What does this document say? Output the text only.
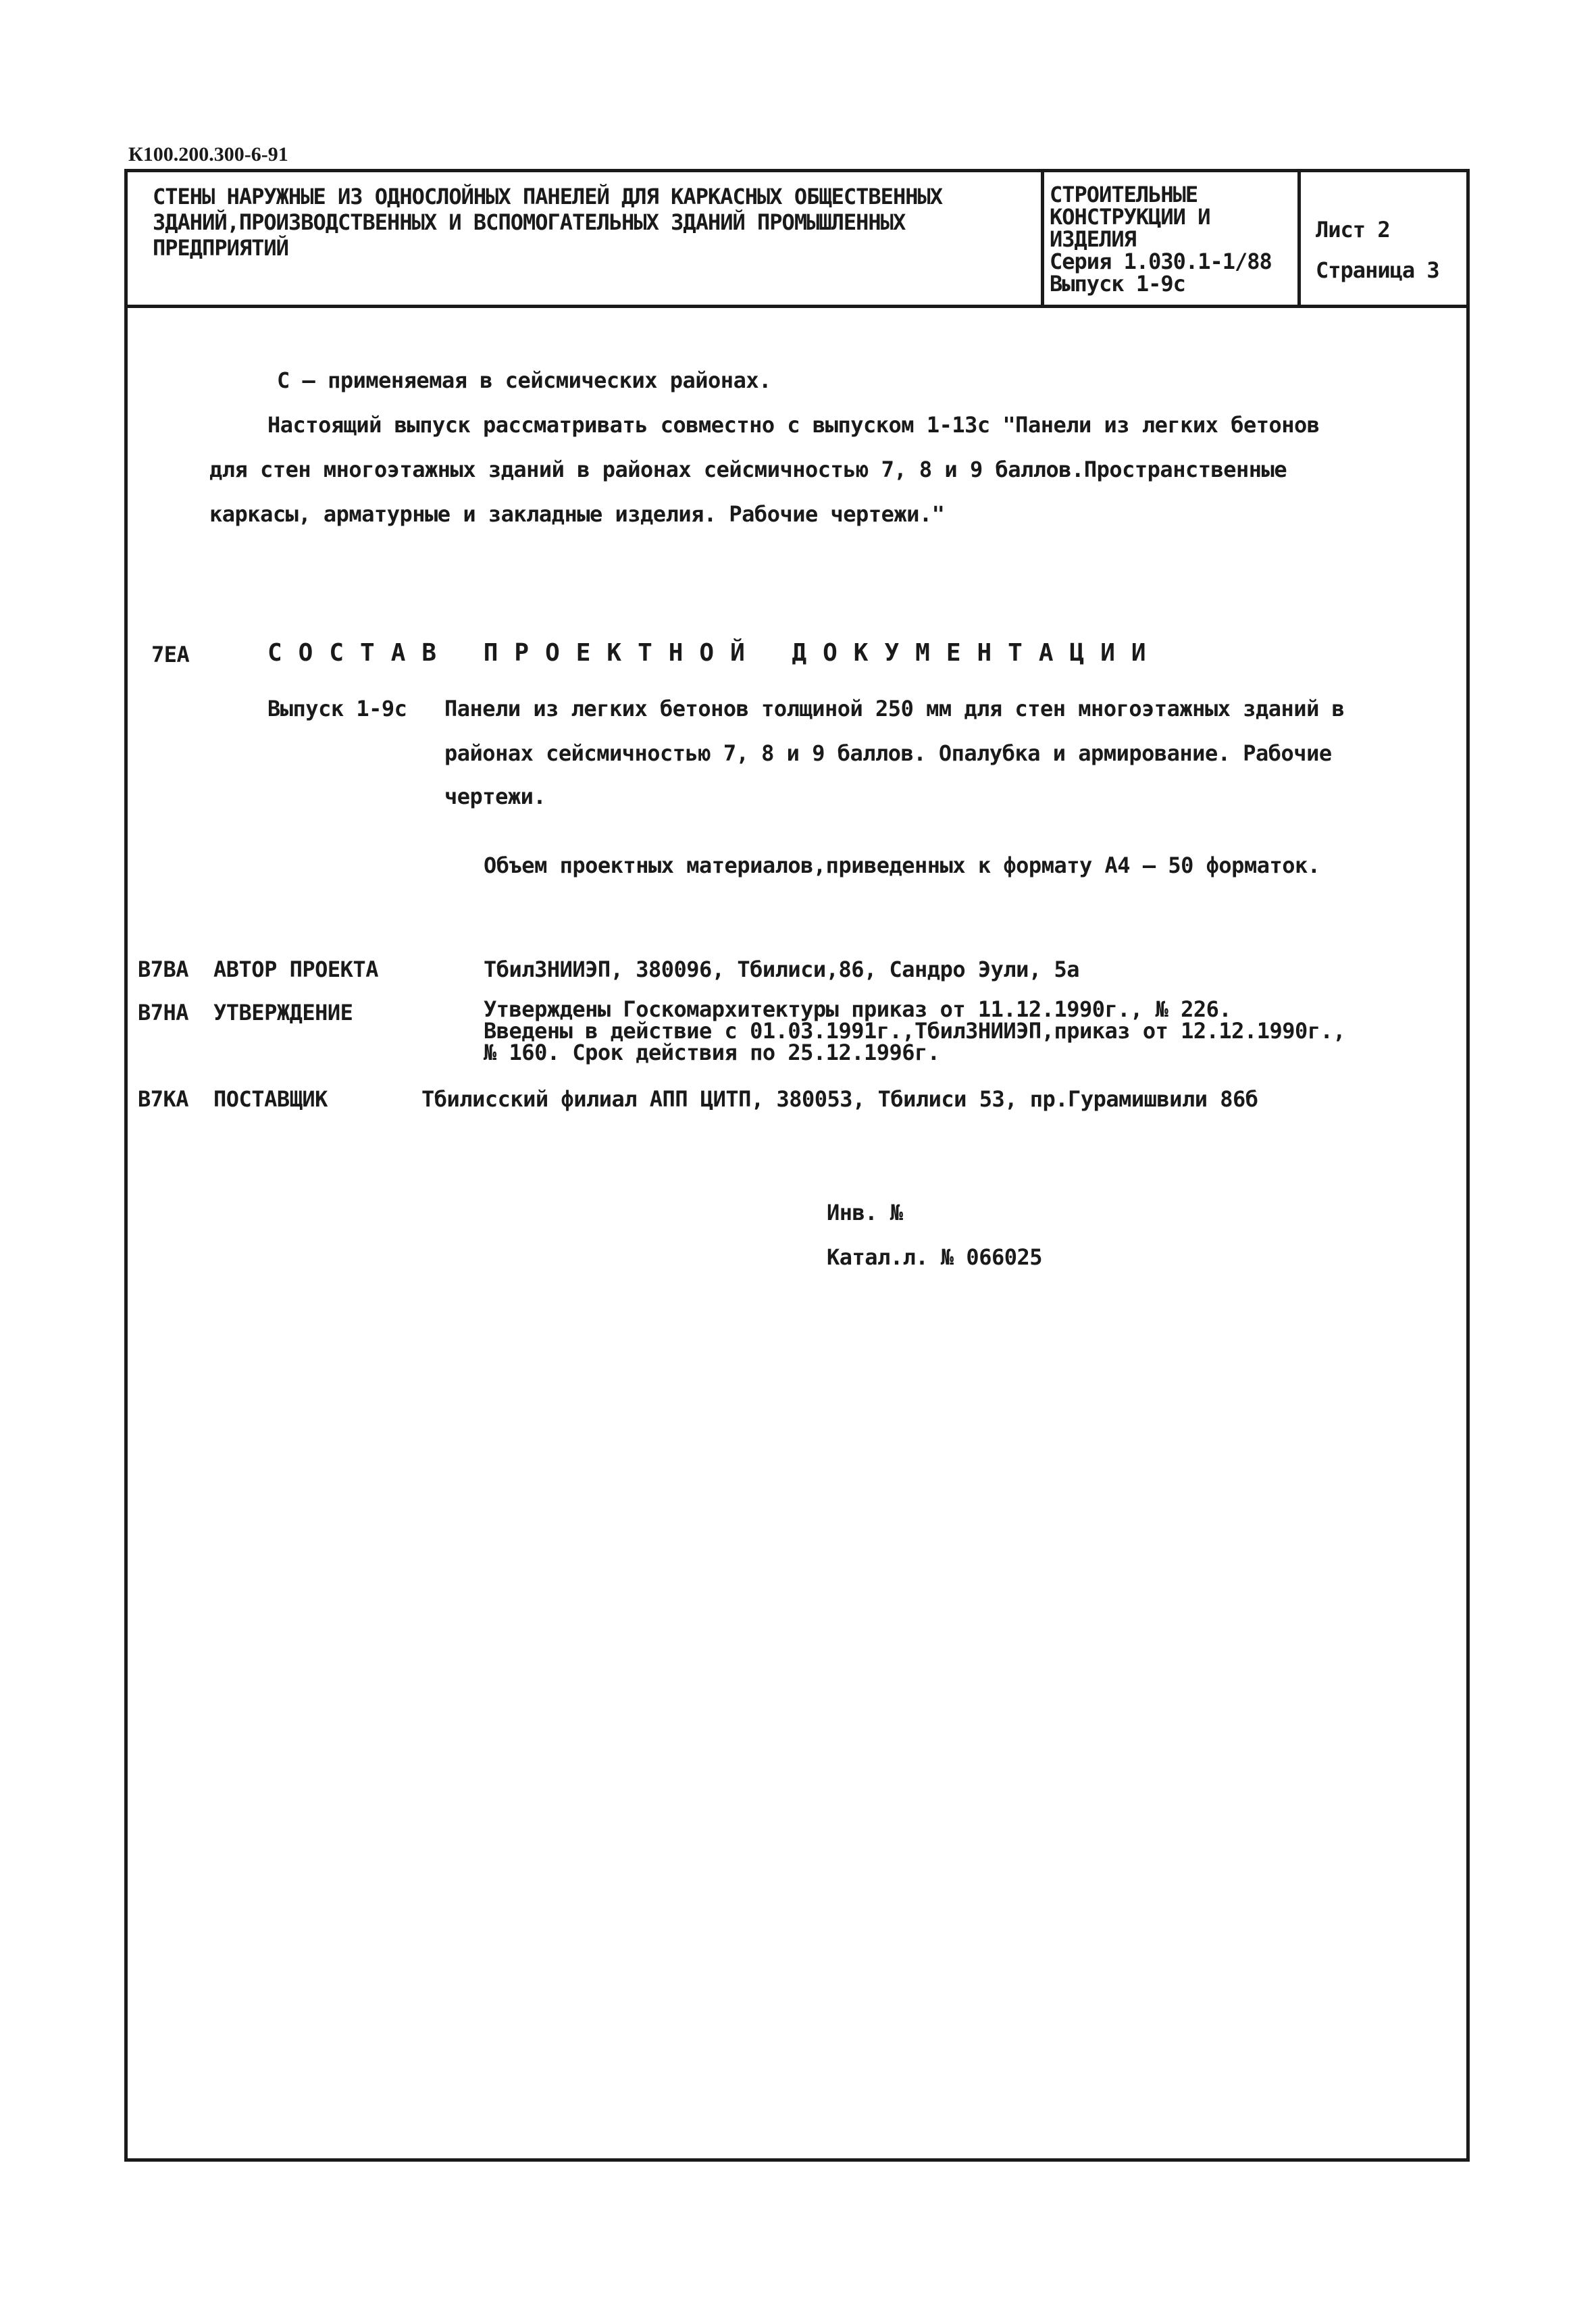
К100.200.300-6-91
СТЕНЫ НАРУЖНЫЕ ИЗ ОДНОСЛОЙНЫХ ПАНЕЛЕЙ ДЛЯ КАРКАСНЫХ ОБЩЕСТВЕННЫХ
ЗДАНИЙ,ПРОИЗВОДСТВЕННЫХ И ВСПОМОГАТЕЛЬНЫХ ЗДАНИЙ ПРОМЫШЛЕННЫХ
ПРЕДПРИЯТИЙ
СТРОИТЕЛЬНЫЕ
КОНСТРУКЦИИ И
ИЗДЕЛИЯ
Серия 1.030.1-1/88
Выпуск 1-9с
Лист 2
Страница 3
С – применяемая в сейсмических районах.
Настоящий выпуск рассматривать совместно с выпуском 1-13с "Панели из легких бетонов
для стен многоэтажных зданий в районах сейсмичностью 7, 8 и 9 баллов.Пространственные
каркасы, арматурные и закладные изделия. Рабочие чертежи."
7ЕА	СОСТАВ ПРОЕКТНОЙ ДОКУМЕНТАЦИИ
Выпуск 1-9с Панели из легких бетонов толщиной 250 мм для стен многоэтажных зданий в
районах сейсмичностью 7, 8 и 9 баллов. Опалубка и армирование. Рабочие
чертежи.
Объем проектных материалов,приведенных к формату А4 – 50 форматок.
В7ВА АВТОР ПРОЕКТА	ТбилЗНИИЭП, 380096, Тбилиси,86, Сандро Эули, 5а
В7НА УТВЕРЖДЕНИЕ	Утверждены Госкомархитектуры приказ от 11.12.1990г., № 226.
Введены в действие с 01.03.1991г.,ТбилЗНИИЭП,приказ от 12.12.1990г.,
№ 160. Срок действия по 25.12.1996г.
В7КА ПОСТАВЩИК	Тбилисский филиал АПП ЦИТП, 380053, Тбилиси 53, пр.Гурамишвили 86б
Инв. №
Катал.л. № 066025
